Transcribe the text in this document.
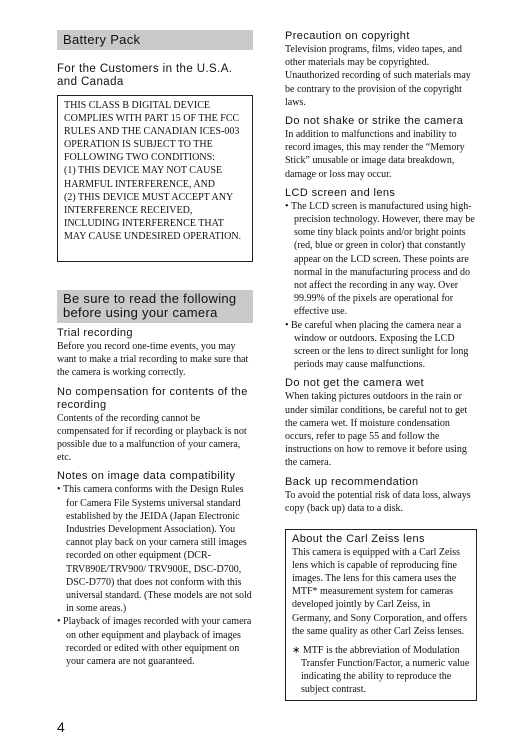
Battery Pack
For the Customers in the U.S.A. and Canada
THIS CLASS B DIGITAL DEVICE COMPLIES WITH PART 15 OF THE FCC RULES AND THE CANADIAN ICES-003 OPERATION IS SUBJECT TO THE FOLLOWING TWO CONDITIONS:
(1) THIS DEVICE MAY NOT CAUSE HARMFUL INTERFERENCE, AND
(2) THIS DEVICE MUST ACCEPT ANY INTERFERENCE RECEIVED, INCLUDING INTERFERENCE THAT MAY CAUSE UNDESIRED OPERATION.
Be sure to read the following before using your camera
Trial recording
Before you record one-time events, you may want to make a trial recording to make sure that the camera is working correctly.
No compensation for contents of the recording
Contents of the recording cannot be compensated for if recording or playback is not possible due to a malfunction of your camera, etc.
Notes on image data compatibility
• This camera conforms with the Design Rules for Camera File Systems universal standard established by the JEIDA (Japan Electronic Industries Development Association). You cannot play back on your camera still images recorded on other equipment (DCR-TRV890E/TRV900/ TRV900E, DSC-D700, DSC-D770) that does not conform with this universal standard. (These models are not sold in some areas.)
• Playback of images recorded with your camera on other equipment and playback of images recorded or edited with other equipment on your camera are not guaranteed.
Precaution on copyright
Television programs, films, video tapes, and other materials may be copyrighted. Unauthorized recording of such materials may be contrary to the provision of the copyright laws.
Do not shake or strike the camera
In addition to malfunctions and inability to record images, this may render the “Memory Stick” unusable or image data breakdown, damage or loss may occur.
LCD screen and lens
• The LCD screen is manufactured using high-precision technology. However, there may be some tiny black points and/or bright points (red, blue or green in color) that constantly appear on the LCD screen. These points are normal in the manufacturing process and do not affect the recording in any way. Over 99.99% of the pixels are operational for effective use.
• Be careful when placing the camera near a window or outdoors. Exposing the LCD screen or the lens to direct sunlight for long periods may cause malfunctions.
Do not get the camera wet
When taking pictures outdoors in the rain or under similar conditions, be careful not to get the camera wet. If moisture condensation occurs, refer to page 55 and follow the instructions on how to remove it before using the camera.
Back up recommendation
To avoid the potential risk of data loss, always copy (back up) data to a disk.
About the Carl Zeiss lens
This camera is equipped with a Carl Zeiss lens which is capable of reproducing fine images. The lens for this camera uses the MTF* measurement system for cameras developed jointly by Carl Zeiss, in Germany, and Sony Corporation, and offers the same quality as other Carl Zeiss lenses.
∗ MTF is the abbreviation of Modulation Transfer Function/Factor, a numeric value indicating the ability to reproduce the subject contrast.
4
